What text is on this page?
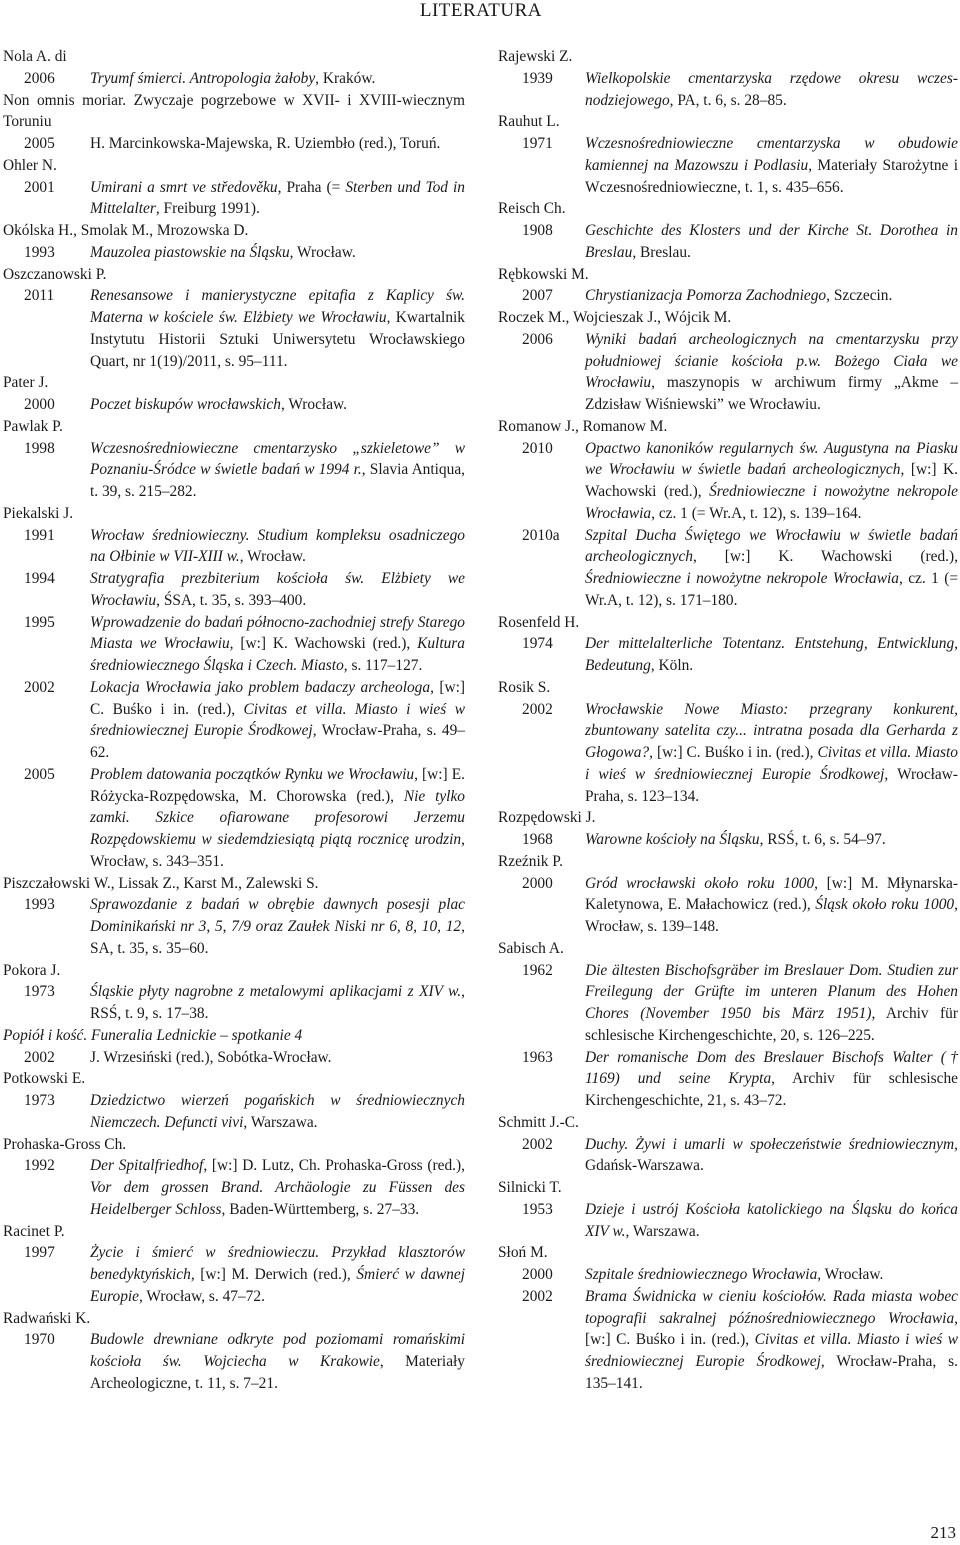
LITERATURA
Nola A. di
2006	Tryumf śmierci. Antropologia żałoby, Kraków.
Non omnis moriar. Zwyczaje pogrzebowe w XVII- i XVIII-wiecznym Toruniu
2005	H. Marcinkowska-Majewska, R. Uziembło (red.), Toruń.
Ohler N.
2001	Umirani a smrt ve středověku, Praha (= Sterben und Tod in Mittelalter, Freiburg 1991).
Okólska H., Smolak M., Mrozowska D.
1993	Mauzolea piastowskie na Śląsku, Wrocław.
Oszczanowski P.
2011	Renesansowe i manierystyczne epitafia z Kaplicy św. Materna w kościele św. Elżbiety we Wrocławiu, Kwartalnik Instytutu Historii Sztuki Uniwersytetu Wrocławskiego Quart, nr 1(19)/2011, s. 95–111.
Pater J.
2000	Poczet biskupów wrocławskich, Wrocław.
Pawlak P.
1998	Wczesnośredniowieczne cmentarzysko „szkieletowe” w Poznaniu-Śródce w świetle badań w 1994 r., Slavia Antiqua, t. 39, s. 215–282.
Piekalski J.
1991	Wrocław średniowieczny. Studium kompleksu osadniczego na Ołbinie w VII-XIII w., Wrocław.
1994	Stratygrafia prezbiterium kościoła św. Elżbiety we Wrocławiu, ŚSA, t. 35, s. 393–400.
1995	Wprowadzenie do badań północno-zachodniej strefy Starego Miasta we Wrocławiu, [w:] K. Wachowski (red.), Kultura średniowiecznego Śląska i Czech. Miasto, s. 117–127.
2002	Lokacja Wrocławia jako problem badaczy archeologa, [w:] C. Buśko i in. (red.), Civitas et villa. Miasto i wieś w średniowiecznej Europie Środkowej, Wrocław-Praha, s. 49–62.
2005	Problem datowania początków Rynku we Wrocławiu, [w:] E. Różycka-Rozpędowska, M. Chorowska (red.), Nie tylko zamki. Szkice ofiarowane profesorowi Jerzemu Rozpędowskiemu w siedemdziesiątą piątą rocznicę urodzin, Wrocław, s. 343–351.
Piszczałowski W., Lissak Z., Karst M., Zalewski S.
1993	Sprawozdanie z badań w obrębie dawnych posesji plac Dominikański nr 3, 5, 7/9 oraz Zaułek Niski nr 6, 8, 10, 12, SA, t. 35, s. 35–60.
Pokora J.
1973	Śląskie płyty nagrobne z metalowymi aplikacjami z XIV w., RSŚ, t. 9, s. 17–38.
Popiół i kość. Funeralia Lednickie – spotkanie 4
2002	J. Wrzesiński (red.), Sobótka-Wrocław.
Potkowski E.
1973	Dziedzictwo wierzeń pogańskich w średniowiecznych Niemczech. Defuncti vivi, Warszawa.
Prohaska-Gross Ch.
1992	Der Spitalfriedhof, [w:] D. Lutz, Ch. Prohaska-Gross (red.), Vor dem grossen Brand. Archäologie zu Füssen des Heidelberger Schloss, Baden-Württemberg, s. 27–33.
Racinet P.
1997	Życie i śmierć w średniowieczu. Przykład klasztorów benedyktyńskich, [w:] M. Derwich (red.), Śmierć w dawnej Europie, Wrocław, s. 47–72.
Radwański K.
1970	Budowle drewniane odkryte pod poziomami romańskimi kościoła św. Wojciecha w Krakowie, Materiały Archeologiczne, t. 11, s. 7–21.
Rajewski Z.
1939	Wielkopolskie cmentarzyska rzędowe okresu wczesnodziejowego, PA, t. 6, s. 28–85.
Rauhut L.
1971	Wczesnośredniowieczne cmentarzyska w obudowie kamiennej na Mazowszu i Podlasiu, Materiały Starożytne i Wczesnośredniowieczne, t. 1, s. 435–656.
Reisch Ch.
1908	Geschichte des Klosters und der Kirche St. Dorothea in Breslau, Breslau.
Rębkowski M.
2007	Chrystianizacja Pomorza Zachodniego, Szczecin.
Roczek M., Wojcieszak J., Wójcik M.
2006	Wyniki badań archeologicznych na cmentarzysku przy południowej ścianie kościoła p.w. Bożego Ciała we Wrocławiu, maszynopis w archiwum firmy „Akme – Zdzisław Wiśniewski” we Wrocławiu.
Romanow J., Romanow M.
2010	Opactwo kanoników regularnych św. Augustyna na Piasku we Wrocławiu w świetle badań archeologicznych, [w:] K. Wachowski (red.), Średniowieczne i nowożytne nekropole Wrocławia, cz. 1 (= Wr.A, t. 12), s. 139–164.
2010a	Szpital Ducha Świętego we Wrocławiu w świetle badań archeologicznych, [w:] K. Wachowski (red.), Średniowieczne i nowożytne nekropole Wrocławia, cz. 1 (= Wr.A, t. 12), s. 171–180.
Rosenfeld H.
1974	Der mittelalterliche Totentanz. Entstehung, Entwicklung, Bedeutung, Köln.
Rosik S.
2002	Wrocławskie Nowe Miasto: przegrany konkurent, zbuntowany satelita czy... intratna posada dla Gerharda z Głogowa?, [w:] C. Buśko i in. (red.), Civitas et villa. Miasto i wieś w średniowiecznej Europie Środkowej, Wrocław-Praha, s. 123–134.
Rozpędowski J.
1968	Warowne kościoły na Śląsku, RSŚ, t. 6, s. 54–97.
Rzeźnik P.
2000	Gród wrocławski około roku 1000, [w:] M. Młynarska-Kaletynowa, E. Małachowicz (red.), Śląsk około roku 1000, Wrocław, s. 139–148.
Sabisch A.
1962	Die ältesten Bischofsgräber im Breslauer Dom. Studien zur Freilegung der Grüfte im unteren Planum des Hohen Chores (November 1950 bis März 1951), Archiv für schlesische Kirchengeschichte, 20, s. 126–225.
1963	Der romanische Dom des Breslauer Bischofs Walter († 1169) und seine Krypta, Archiv für schlesische Kirchengeschichte, 21, s. 43–72.
Schmitt J.-C.
2002	Duchy. Żywi i umarli w społeczeństwie średniowiecznym, Gdańsk-Warszawa.
Silnicki T.
1953	Dzieje i ustrój Kościoła katolickiego na Śląsku do końca XIV w., Warszawa.
Słoń M.
2000	Szpitale średniowiecznego Wrocławia, Wrocław.
2002	Brama Świdnicka w cieniu kościołów. Rada miasta wobec topografii sakralnej późnośredniowiecznego Wrocławia, [w:] C. Buśko i in. (red.), Civitas et villa. Miasto i wieś w średniowiecznej Europie Środkowej, Wrocław-Praha, s. 135–141.
213
